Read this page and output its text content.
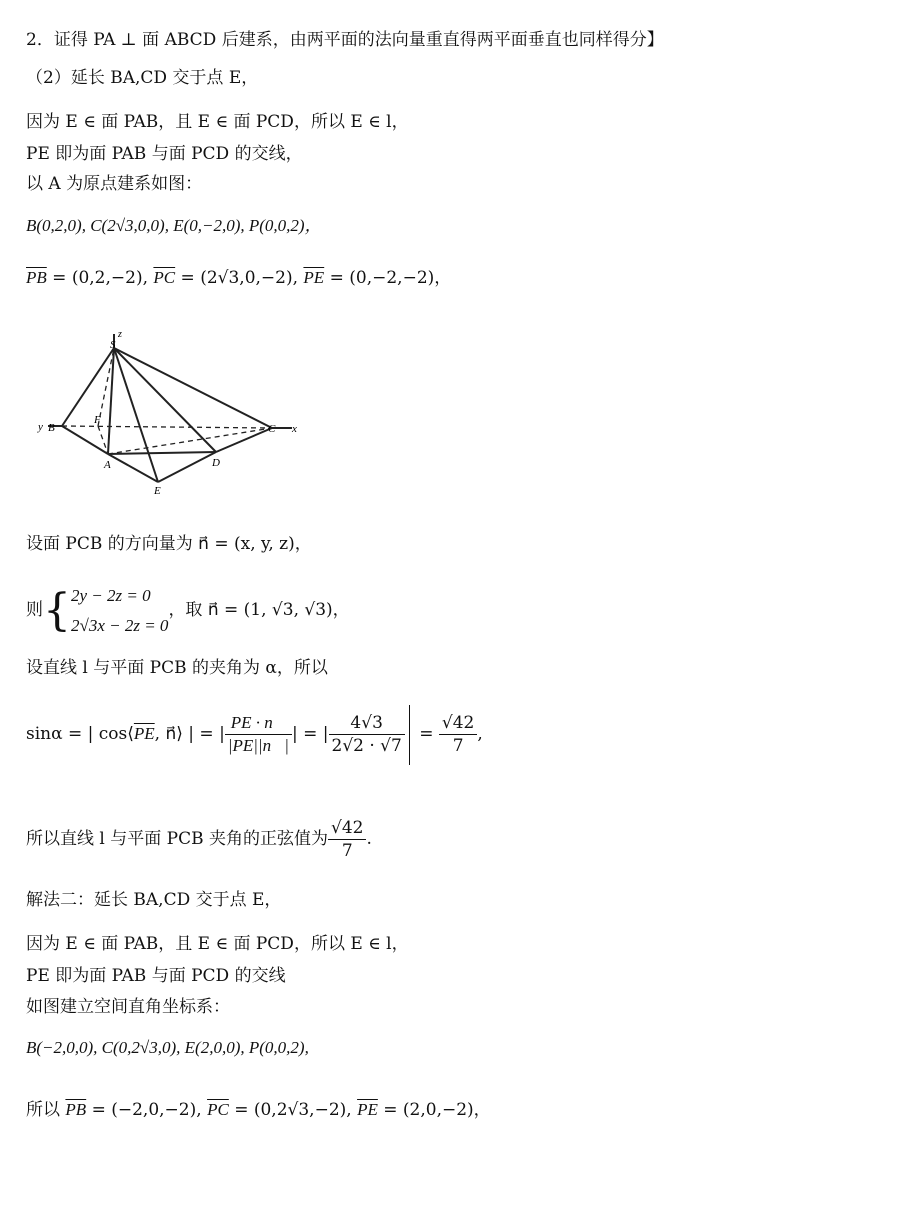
2．证得 PA ⊥ 面 ABCD 后建系，由两平面的法向量重直得两平面垂直也同样得分】
（2）延长 BA,CD 交于点 E，
因为 E ∈ 面 PAB，且 E ∈ 面 PCD，所以 E ∈ l，
PE 即为面 PAB 与面 PCD 的交线，
以 A 为原点建系如图：
B(0,2,0), C(2√3,0,0), E(0,−2,0), P(0,0,2)，
$\overline{PB} = (0,2,-2)$, $\overline{PC} = (2√3,0,-2)$, $\overline{PE} = (0,-2,-2)$，
z
S
y B
F
C x
A	D
E
设面 PCB 的方向量为 n⃗ = (x, y, z)，
则{ 2y − 2z = 0
2√3x − 2z = 0
，取 n⃗ = (1, √3, √3)，
设直线 l 与平面 PCB 的夹角为 α，所以
sinα = | $\cos⟨\overline{PE}$, n⃗⟩ | = | $\frac{PE \cdot n⃗}{|PE||n⃗|}$ | = | $\frac{4√3}{2√2 \cdot √7} = \frac{√42}{7}$ ,
所以直线 l 与平面 PCB 夹角的正弦值为 $\frac{√42}{7}$ .
解法二：延长 BA,CD 交于点 E，
因为 E ∈ 面 PAB，且 E ∈ 面 PCD，所以 E ∈ l，
PE 即为面 PAB 与面 PCD 的交线
如图建立空间直角坐标系：
B(−2,0,0), C(0,2√3,0), E(2,0,0), P(0,0,2),
所以 $\overline{PB} = (-2,0,-2)$, $\overline{PC} = (0,2√3,-2)$, $\overline{PE} = (2,0,-2)$，
